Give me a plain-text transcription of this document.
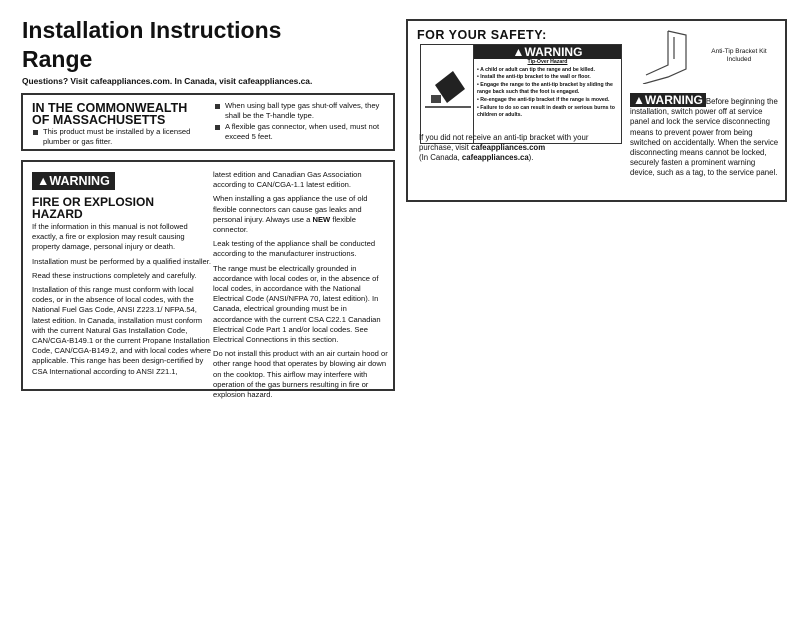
Installation Instructions
Range
Questions? Visit cafeappliances.com. In Canada, visit cafeappliances.ca.
IN THE COMMONWEALTH
OF MASSACHUSETTS
This product must be installed by a licensed plumber or gas fitter.
When using ball type gas shut-off valves, they shall be the T-handle type.
A flexible gas connector, when used, must not exceed 5 feet.
▲WARNING
FIRE OR EXPLOSION
HAZARD

If the information in this manual is not followed exactly, a fire or explosion may result causing property damage, personal injury or death.

Installation must be performed by a qualified installer.

Read these instructions completely and carefully.

Installation of this range must conform with local codes, or in the absence of local codes, with the National Fuel Gas Code, ANSI Z223.1/ NFPA.54, latest edition. In Canada, installation must conform with the current Natural Gas Installation Code, CAN/CGA-B149.1 or the current Propane Installation Code, CAN/CGA-B149.2, and with local codes where applicable. This range has been design-certified by CSA International according to ANSI Z21.1,

latest edition and Canadian Gas Association according to CAN/CGA-1.1 latest edition.

When installing a gas appliance the use of old flexible connectors can cause gas leaks and personal injury. Always use a NEW flexible connector.

Leak testing of the appliance shall be conducted according to the manufacturer instructions.

The range must be electrically grounded in accordance with local codes or, in the absence of local codes, in accordance with the National Electrical Code (ANSI/NFPA 70, latest edition). In Canada, electrical grounding must be in accordance with the current CSA C22.1 Canadian Electrical Code Part 1 and/or local codes. See Electrical Connections in this section.

Do not install this product with an air curtain hood or other range hood that operates by blowing air down on the cooktop. This airflow may interfere with operation of the gas burners resulting in fire or explosion hazard.

FOR YOUR SAFETY:
▲WARNING
Tip-Over Hazard
• A child or adult can tip the range and be killed.
• Install the anti-tip bracket to the wall or floor.
• Engage the range to the anti-tip bracket by sliding the range back such that the foot is engaged.
• Re-engage the anti-tip bracket if the range is moved.
• Failure to do so can result in death or serious burns to children or adults.
If you did not receive an anti-tip bracket with your purchase, visit cafeappliances.com
(In Canada, cafeappliances.ca).
Anti-Tip Bracket Kit Included
▲WARNING Before beginning the installation, switch power off at service panel and lock the service disconnecting means to prevent power from being switched on accidentally. When the service disconnecting means cannot be locked, securely fasten a prominent warning device, such as a tag, to the service panel.
